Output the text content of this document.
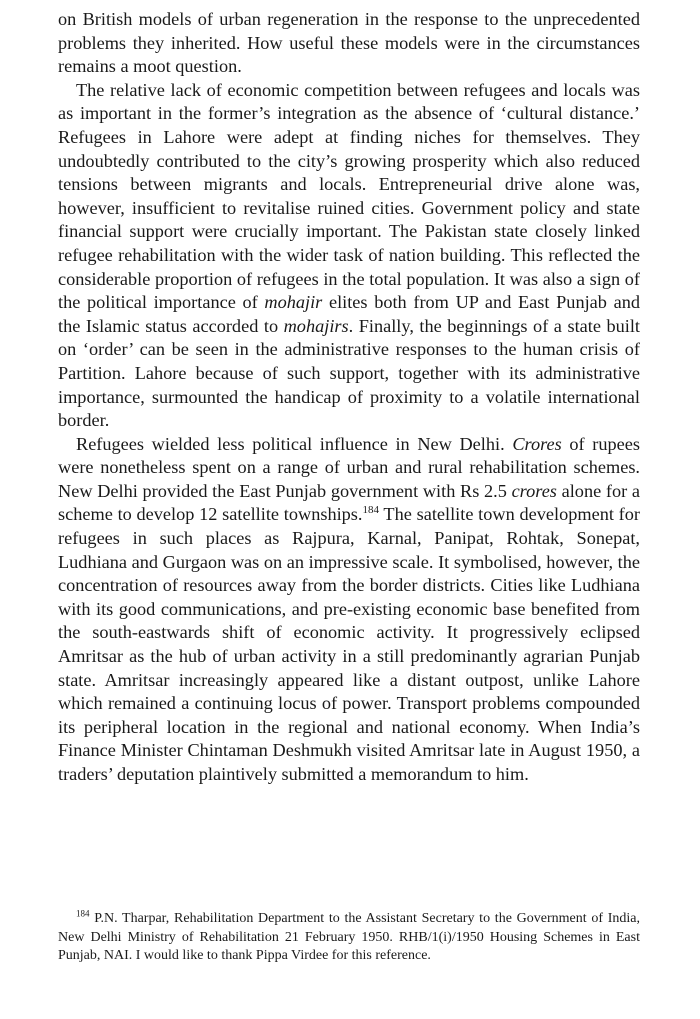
on British models of urban regeneration in the response to the unprecedented problems they inherited. How useful these models were in the circumstances remains a moot question.

The relative lack of economic competition between refugees and locals was as important in the former’s integration as the absence of ‘cultural distance.’ Refugees in Lahore were adept at finding niches for themselves. They undoubtedly contributed to the city’s growing prosperity which also reduced tensions between migrants and locals. Entrepreneurial drive alone was, however, insufficient to revitalise ruined cities. Government policy and state financial support were crucially important. The Pakistan state closely linked refugee rehabilitation with the wider task of nation building. This reflected the considerable proportion of refugees in the total population. It was also a sign of the political importance of mohajir elites both from UP and East Punjab and the Islamic status accorded to mohajirs. Finally, the beginnings of a state built on ‘order’ can be seen in the administrative responses to the human crisis of Partition. Lahore because of such support, together with its administrative importance, surmounted the handicap of proximity to a volatile international border.

Refugees wielded less political influence in New Delhi. Crores of rupees were nonetheless spent on a range of urban and rural rehabilitation schemes. New Delhi provided the East Punjab government with Rs 2.5 crores alone for a scheme to develop 12 satellite townships.$^{184}$ The satellite town development for refugees in such places as Rajpura, Karnal, Panipat, Rohtak, Sonepat, Ludhiana and Gurgaon was on an impressive scale. It symbolised, however, the concentration of resources away from the border districts. Cities like Ludhiana with its good communications, and pre-existing economic base benefited from the south-eastwards shift of economic activity. It progressively eclipsed Amritsar as the hub of urban activity in a still predominantly agrarian Punjab state. Amritsar increasingly appeared like a distant outpost, unlike Lahore which remained a continuing locus of power. Transport problems compounded its peripheral location in the regional and national economy. When India’s Finance Minister Chintaman Deshmukh visited Amritsar late in August 1950, a traders’ deputation plaintively submitted a memorandum to him.

$^{184}$ P.N. Tharpar, Rehabilitation Department to the Assistant Secretary to the Government of India, New Delhi Ministry of Rehabilitation 21 February 1950. RHB/1(i)/1950 Housing Schemes in East Punjab, NAI. I would like to thank Pippa Virdee for this reference.
